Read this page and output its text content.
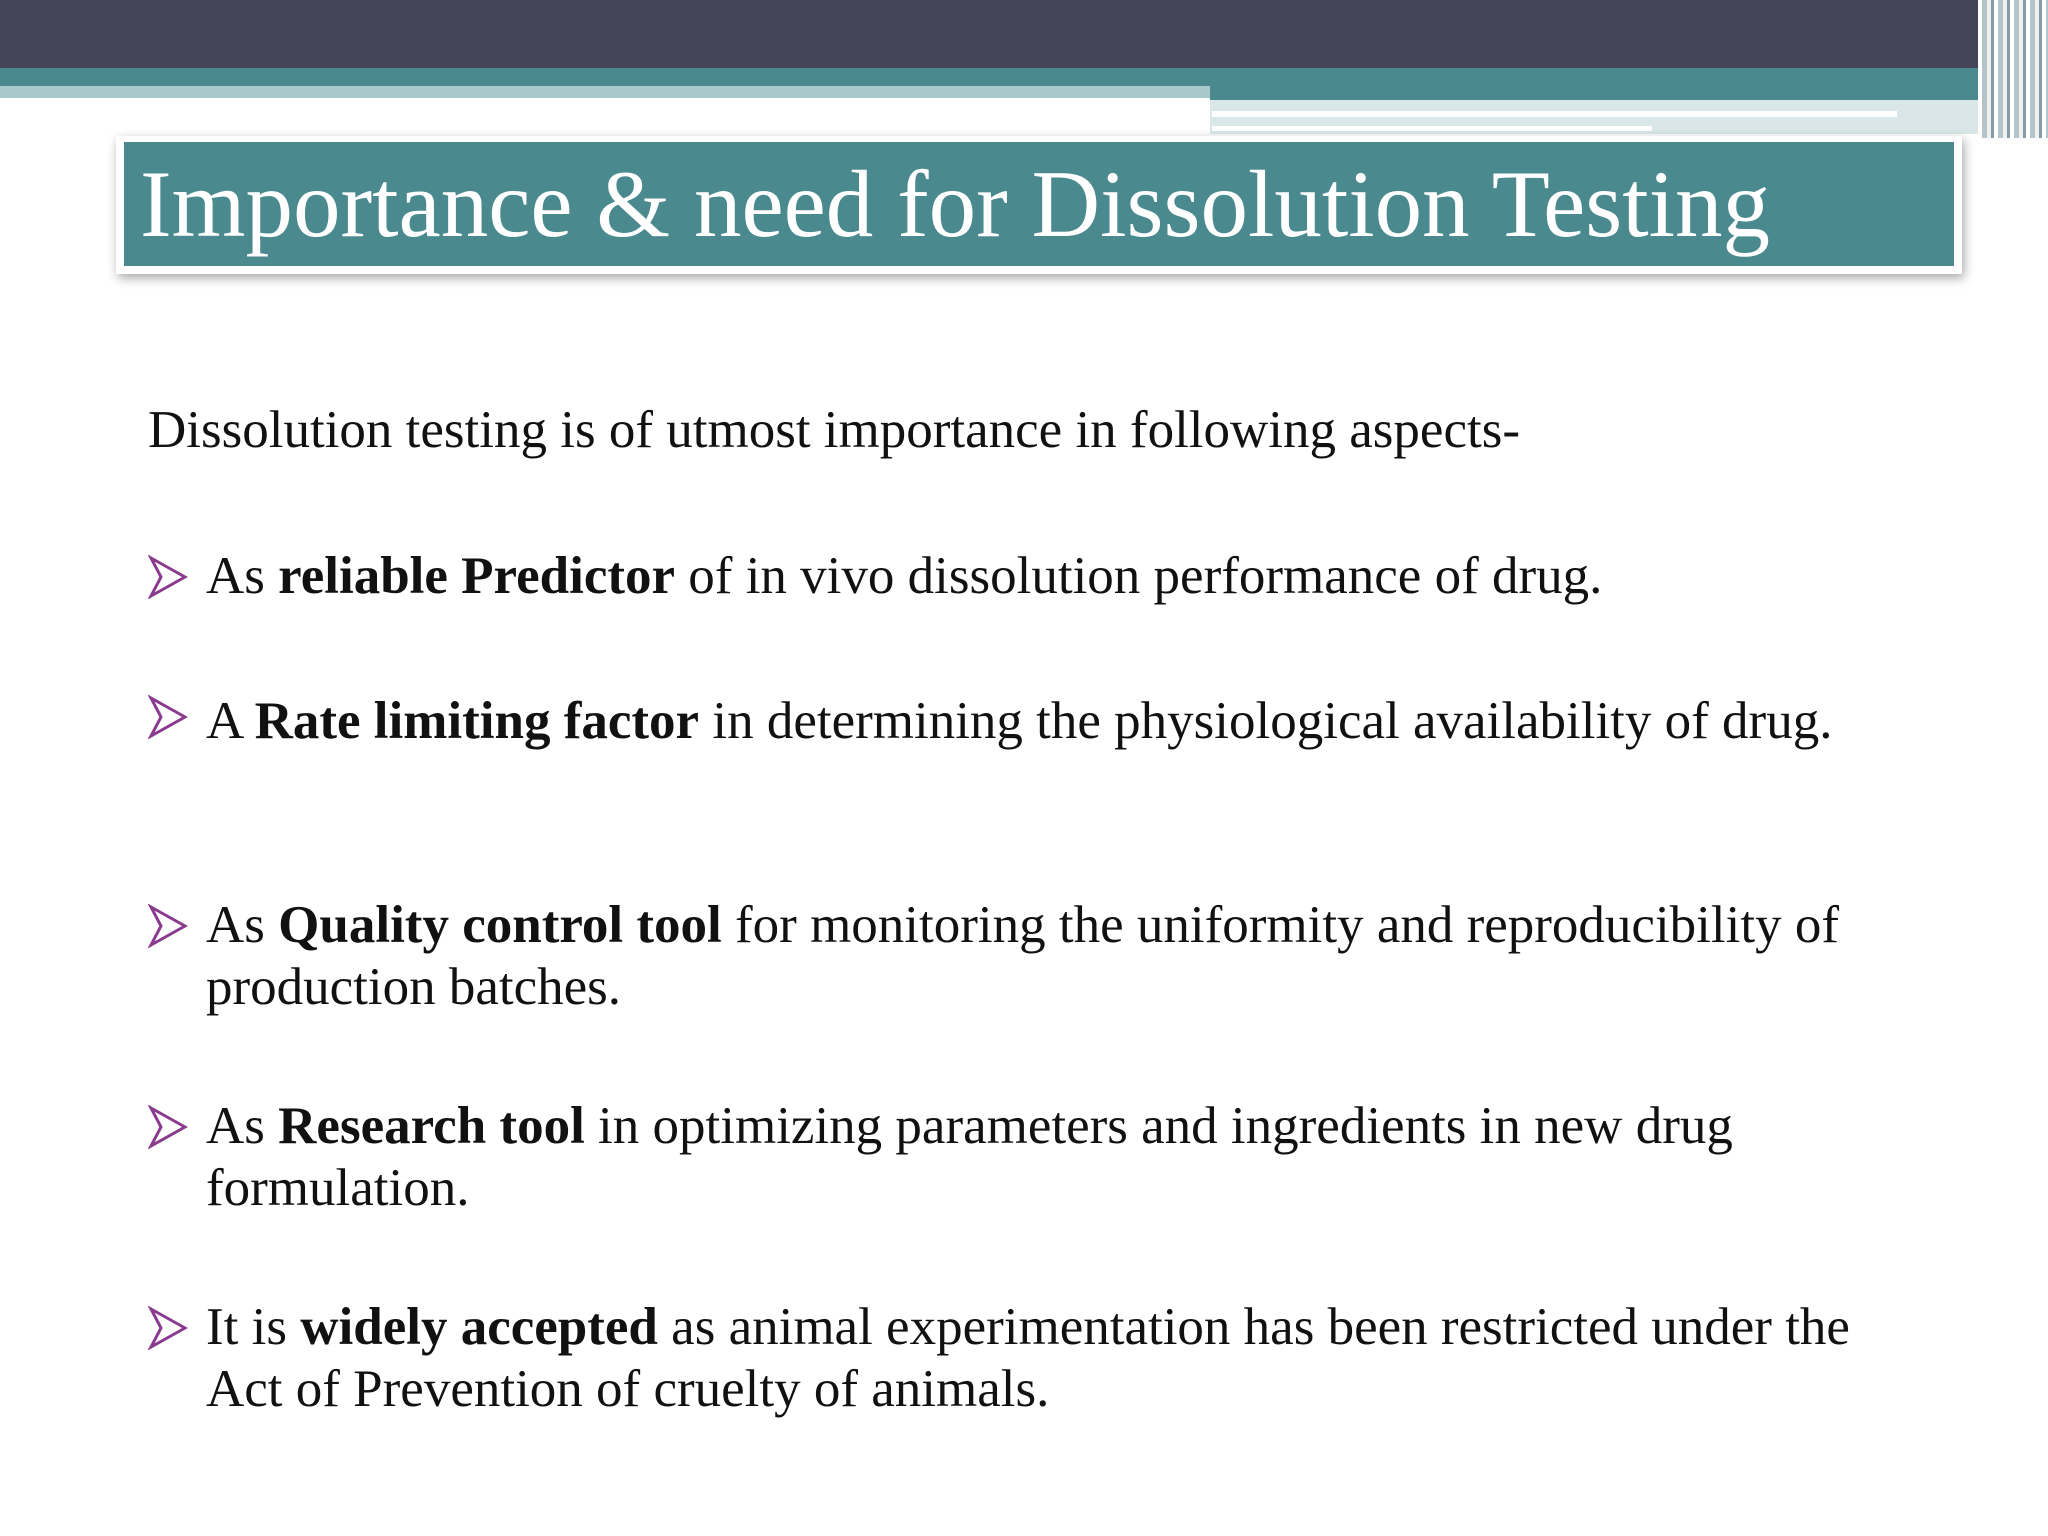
Importance & need for Dissolution Testing
Dissolution testing is of utmost importance in following aspects-
As reliable Predictor of in vivo dissolution performance of drug.
A Rate limiting factor in determining the physiological availability of drug.
As Quality control tool for monitoring the uniformity and reproducibility of production batches.
As Research tool in optimizing parameters and ingredients in new drug formulation.
It is widely accepted as animal experimentation has been restricted under the Act of Prevention of cruelty of animals.
